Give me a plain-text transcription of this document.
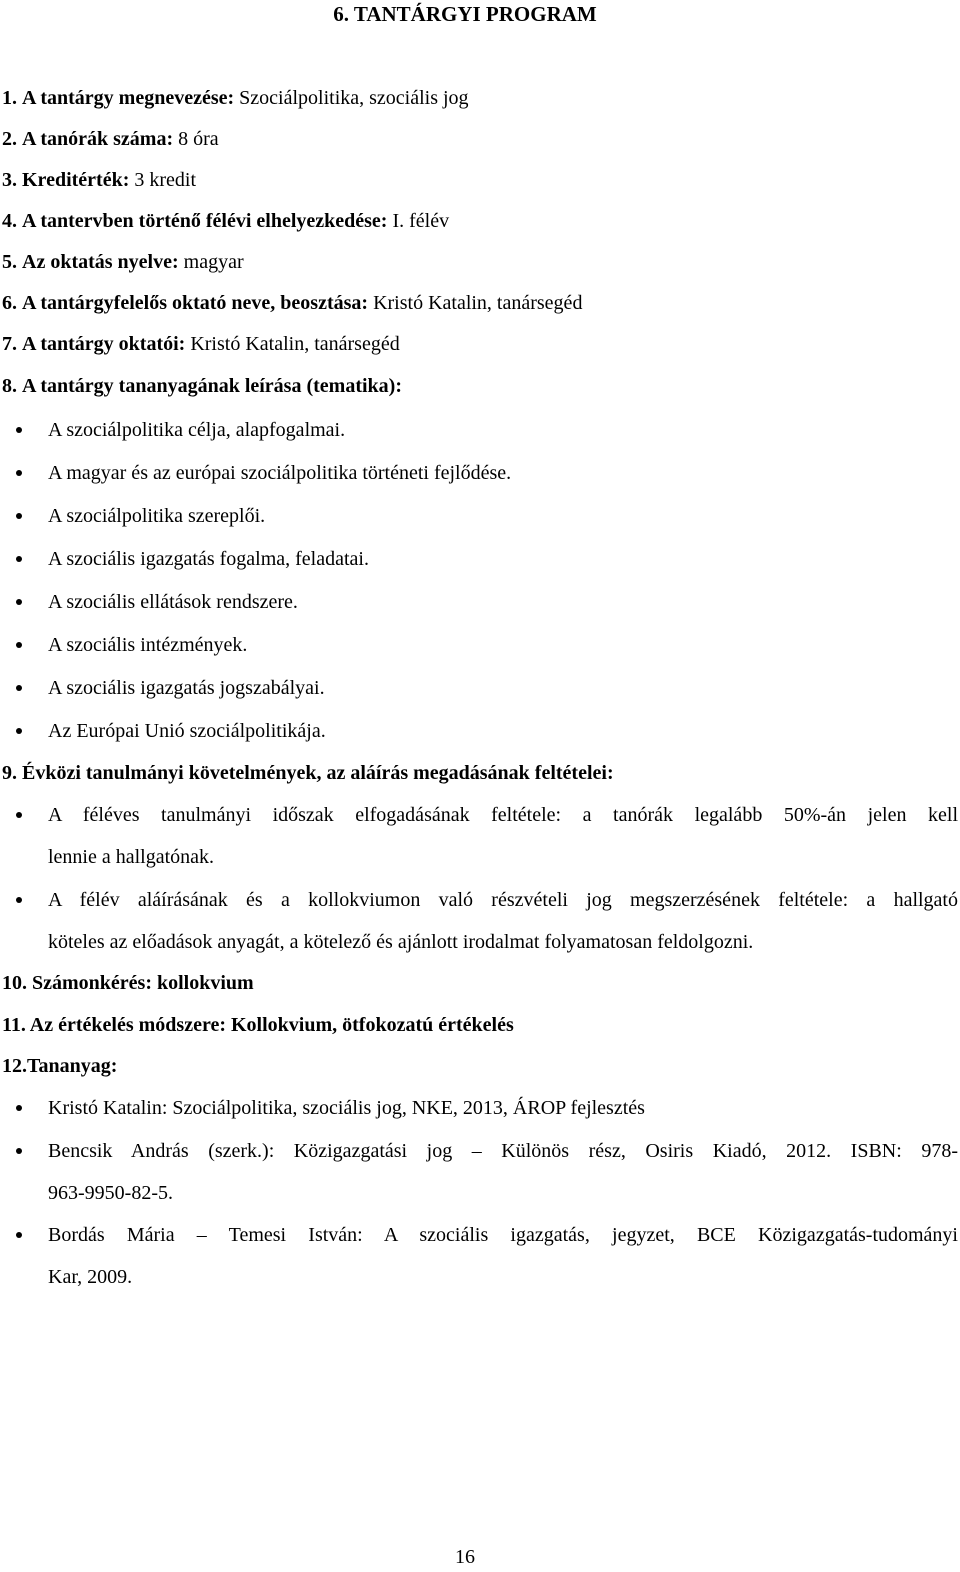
6. TANTÁRGYI PROGRAM
1. A tantárgy megnevezése: Szociálpolitika, szociális jog
2. A tanórák száma: 8 óra
3. Kreditérték: 3 kredit
4. A tantervben történő félévi elhelyezkedése: I. félév
5. Az oktatás nyelve: magyar
6. A tantárgyfelelős oktató neve, beosztása: Kristó Katalin, tanársegéd
7. A tantárgy oktatói: Kristó Katalin, tanársegéd
8. A tantárgy tananyagának leírása (tematika):
A szociálpolitika célja, alapfogalmai.
A magyar és az európai szociálpolitika történeti fejlődése.
A szociálpolitika szereplői.
A szociális igazgatás fogalma, feladatai.
A szociális ellátások rendszere.
A szociális intézmények.
A szociális igazgatás jogszabályai.
Az Európai Unió szociálpolitikája.
9. Évközi tanulmányi követelmények, az aláírás megadásának feltételei:
A féléves tanulmányi időszak elfogadásának feltétele: a tanórák legalább 50%-án jelen kell
lennie a hallgatónak.
A félév aláírásának és a kollokviumon való részvételi jog megszerzésének feltétele: a hallgató
köteles az előadások anyagát, a kötelező és ajánlott irodalmat folyamatosan feldolgozni.
10. Számonkérés: kollokvium
11. Az értékelés módszere: Kollokvium, ötfokozatú értékelés
12.Tananyag:
Kristó Katalin: Szociálpolitika, szociális jog, NKE, 2013, ÁROP fejlesztés
Bencsik András (szerk.): Közigazgatási jog – Különös rész, Osiris Kiadó, 2012. ISBN: 978-
963-9950-82-5.
Bordás Mária – Temesi István: A szociális igazgatás, jegyzet, BCE Közigazgatás-tudományi
Kar, 2009.
16
